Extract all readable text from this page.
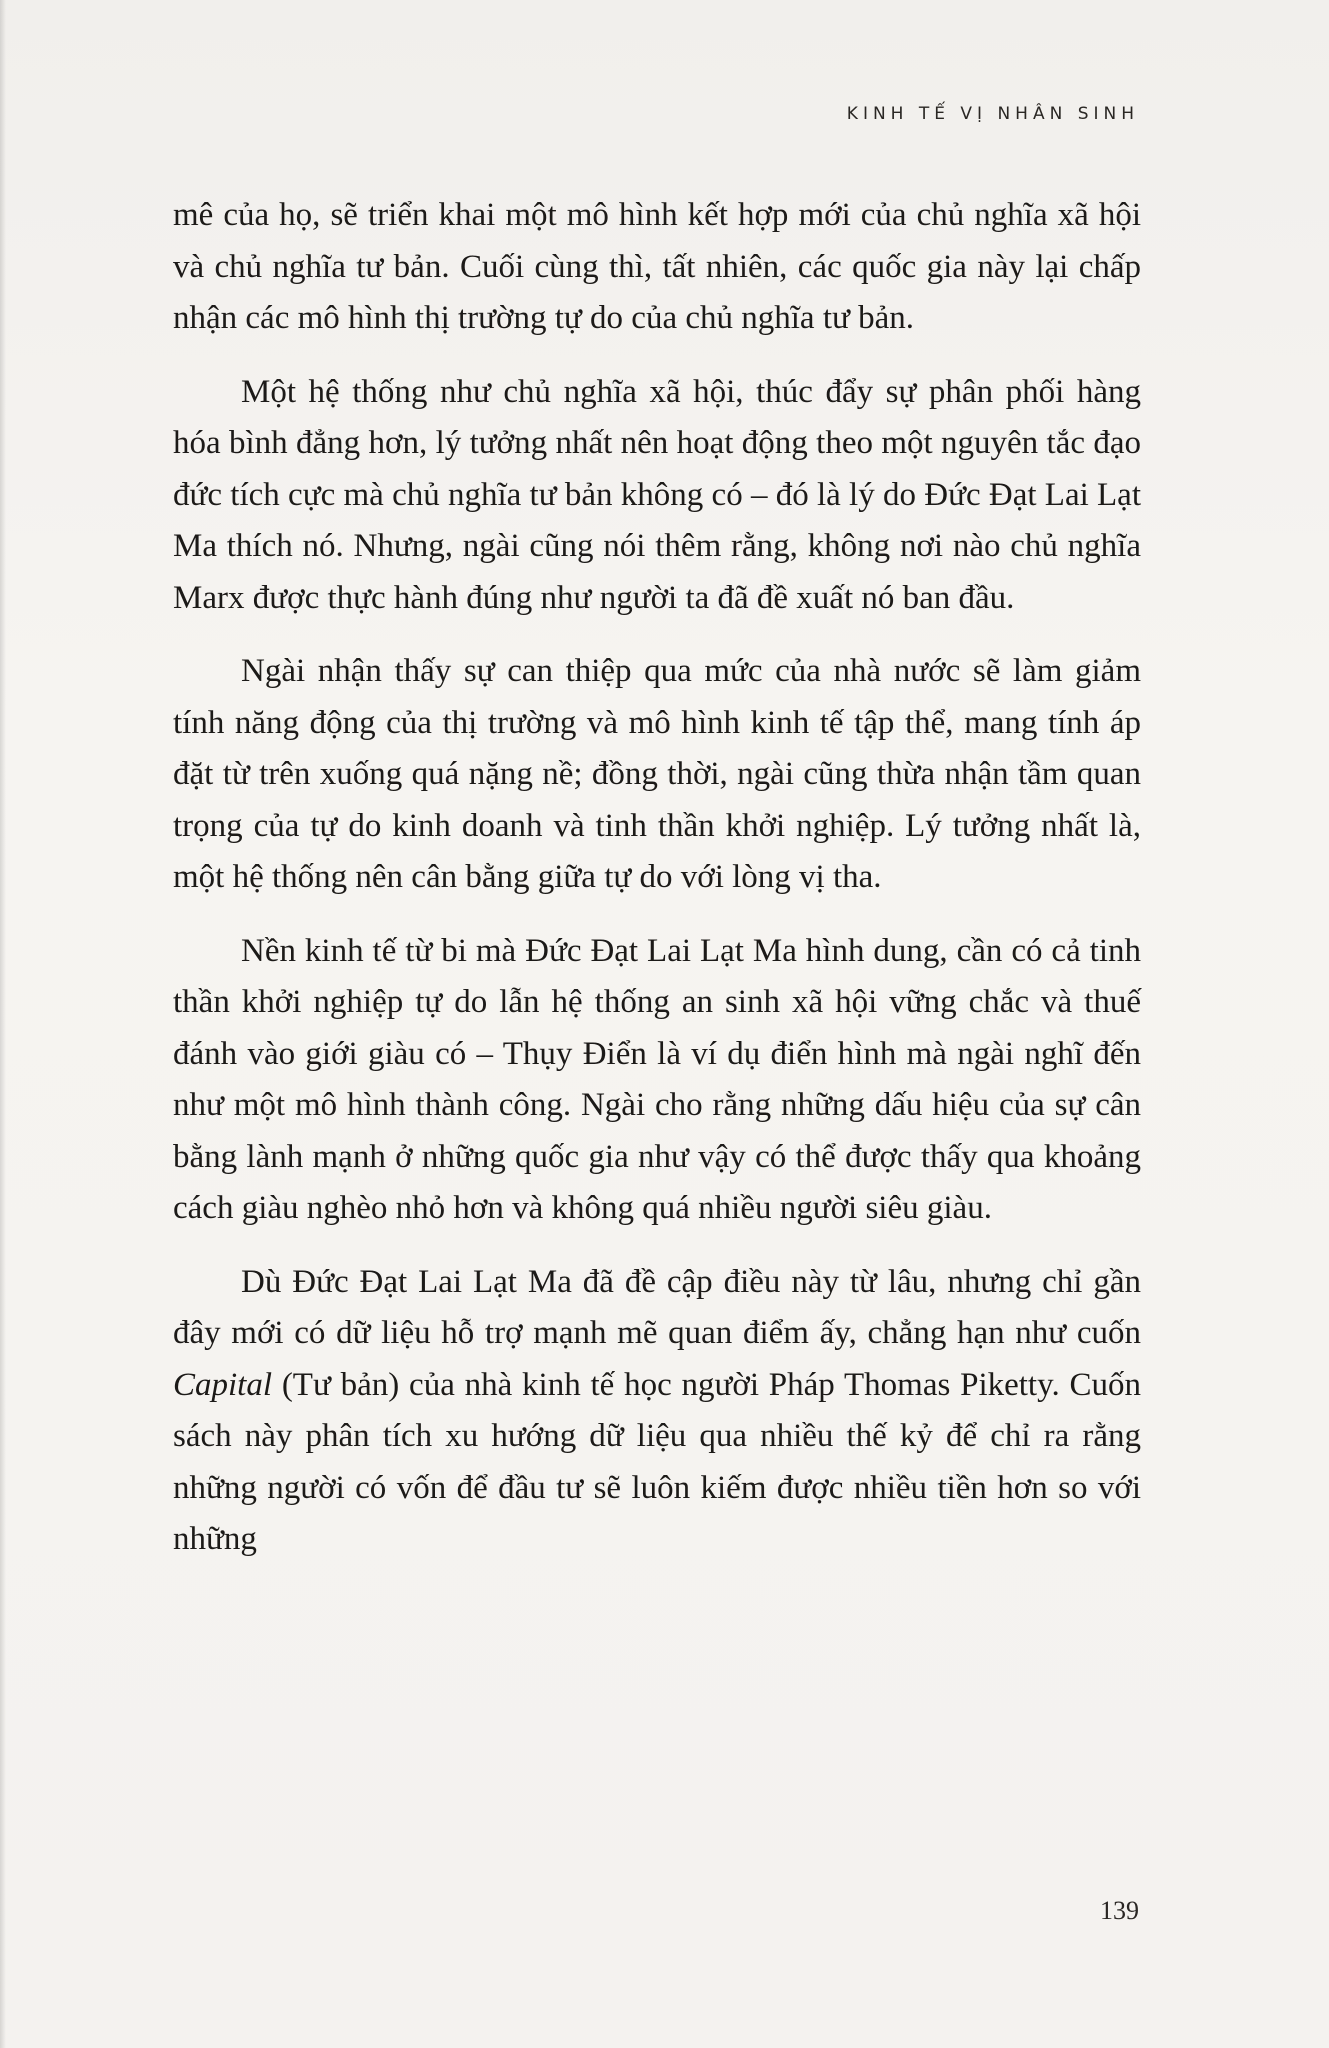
KINH TẾ VỊ NHÂN SINH

mê của họ, sẽ triển khai một mô hình kết hợp mới của chủ nghĩa xã hội và chủ nghĩa tư bản. Cuối cùng thì, tất nhiên, các quốc gia này lại chấp nhận các mô hình thị trường tự do của chủ nghĩa tư bản.

Một hệ thống như chủ nghĩa xã hội, thúc đẩy sự phân phối hàng hóa bình đẳng hơn, lý tưởng nhất nên hoạt động theo một nguyên tắc đạo đức tích cực mà chủ nghĩa tư bản không có – đó là lý do Đức Đạt Lai Lạt Ma thích nó. Nhưng, ngài cũng nói thêm rằng, không nơi nào chủ nghĩa Marx được thực hành đúng như người ta đã đề xuất nó ban đầu.

Ngài nhận thấy sự can thiệp qua mức của nhà nước sẽ làm giảm tính năng động của thị trường và mô hình kinh tế tập thể, mang tính áp đặt từ trên xuống quá nặng nề; đồng thời, ngài cũng thừa nhận tầm quan trọng của tự do kinh doanh và tinh thần khởi nghiệp. Lý tưởng nhất là, một hệ thống nên cân bằng giữa tự do với lòng vị tha.

Nền kinh tế từ bi mà Đức Đạt Lai Lạt Ma hình dung, cần có cả tinh thần khởi nghiệp tự do lẫn hệ thống an sinh xã hội vững chắc và thuế đánh vào giới giàu có – Thụy Điển là ví dụ điển hình mà ngài nghĩ đến như một mô hình thành công. Ngài cho rằng những dấu hiệu của sự cân bằng lành mạnh ở những quốc gia như vậy có thể được thấy qua khoảng cách giàu nghèo nhỏ hơn và không quá nhiều người siêu giàu.

Dù Đức Đạt Lai Lạt Ma đã đề cập điều này từ lâu, nhưng chỉ gần đây mới có dữ liệu hỗ trợ mạnh mẽ quan điểm ấy, chẳng hạn như cuốn Capital (Tư bản) của nhà kinh tế học người Pháp Thomas Piketty. Cuốn sách này phân tích xu hướng dữ liệu qua nhiều thế kỷ để chỉ ra rằng những người có vốn để đầu tư sẽ luôn kiếm được nhiều tiền hơn so với những

139
